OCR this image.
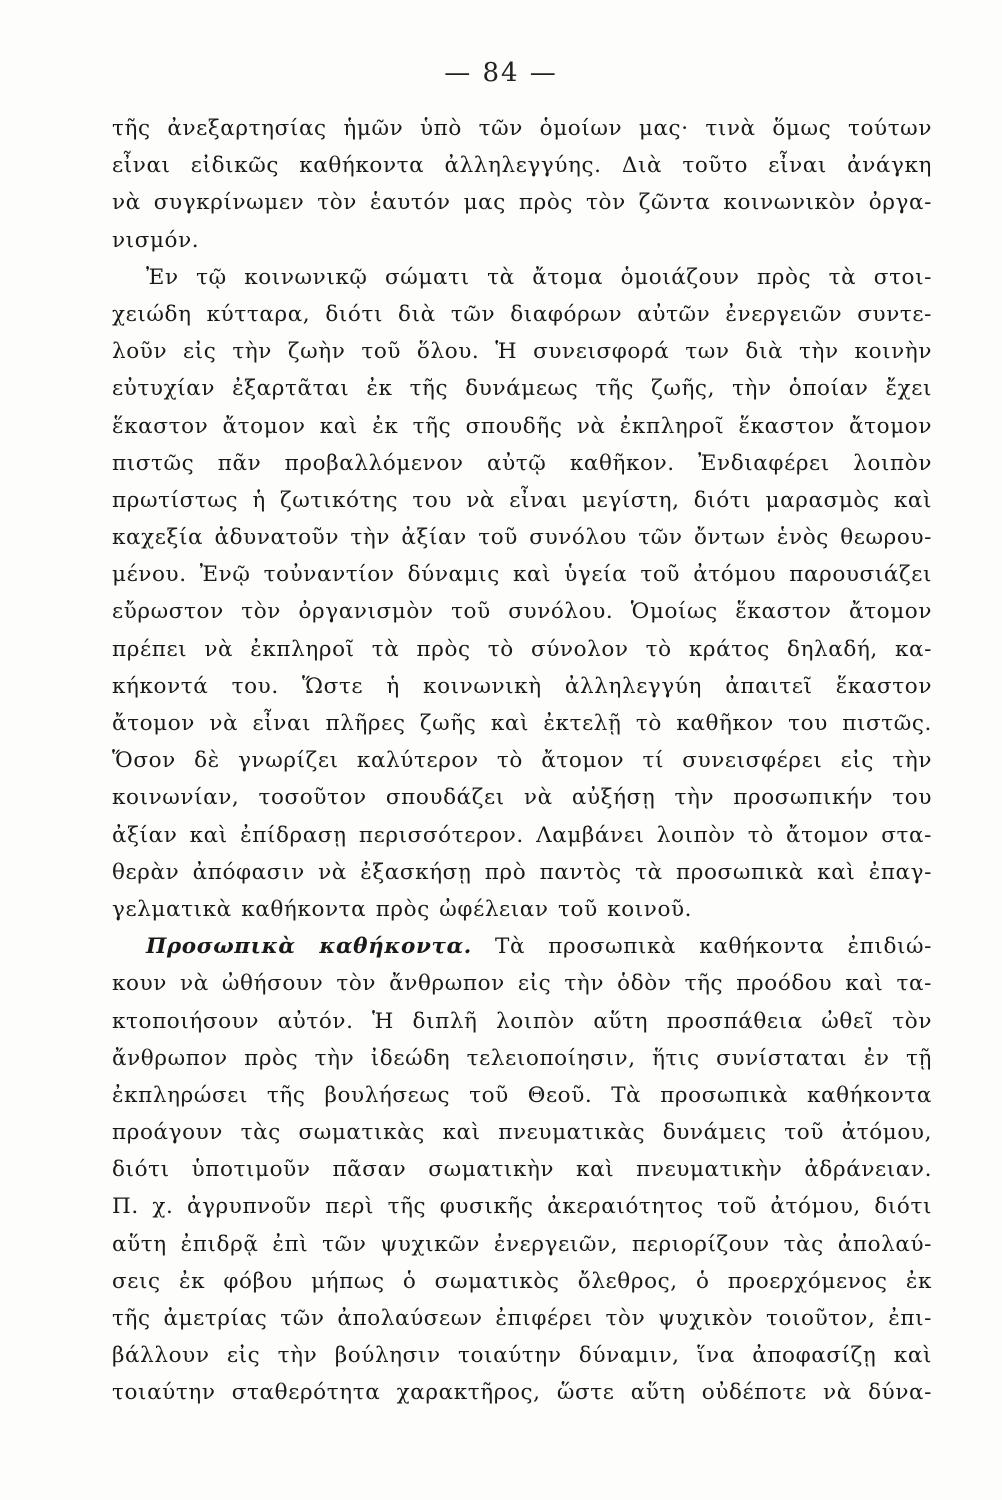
— 84 —
τῆς ἀνεξαρτησίας ἡμῶν ὑπὸ τῶν ὁμοίων μας· τινὰ ὅμως τούτων
εἶναι εἰδικῶς καθήκοντα ἀλληλεγγύης. Διὰ τοῦτο εἶναι ἀνάγκη
νὰ συγκρίνωμεν τὸν ἑαυτόν μας πρὸς τὸν ζῶντα κοινωνικὸν ὀργα-
νισμόν.
Ἐν τῷ κοινωνικῷ σώματι τὰ ἄτομα ὁμοιάζουν πρὸς τὰ στοι-
χειώδη κύτταρα, διότι διὰ τῶν διαφόρων αὐτῶν ἐνεργειῶν συντε-
λοῦν εἰς τὴν ζωὴν τοῦ ὅλου. Ἡ συνεισφορά των διὰ τὴν κοινὴν
εὐτυχίαν ἐξαρτᾶται ἐκ τῆς δυνάμεως τῆς ζωῆς, τὴν ὁποίαν ἔχει
ἕκαστον ἄτομον καὶ ἐκ τῆς σπουδῆς νὰ ἐκπληροῖ ἕκαστον ἄτομον
πιστῶς πᾶν προβαλλόμενον αὐτῷ καθῆκον. Ἐνδιαφέρει λοιπὸν
πρωτίστως ἡ ζωτικότης του νὰ εἶναι μεγίστη, διότι μαρασμὸς καὶ
καχεξία ἀδυνατοῦν τὴν ἀξίαν τοῦ συνόλου τῶν ὄντων ἑνὸς θεωρου-
μένου. Ἐνῷ τοὐναντίον δύναμις καὶ ὑγεία τοῦ ἀτόμου παρουσιάζει
εὔρωστον τὸν ὀργανισμὸν τοῦ συνόλου. Ὁμοίως ἕκαστον ἄτομον
πρέπει νὰ ἐκπληροῖ τὰ πρὸς τὸ σύνολον τὸ κράτος δηλαδή, κα-
κήκοντά του. Ὥστε ἡ κοινωνικὴ ἀλληλεγγύη ἀπαιτεῖ ἕκαστον
ἄτομον νὰ εἶναι πλῆρες ζωῆς καὶ ἐκτελῇ τὸ καθῆκον του πιστῶς.
Ὅσον δὲ γνωρίζει καλύτερον τὸ ἄτομον τί συνεισφέρει εἰς τὴν
κοινωνίαν, τοσοῦτον σπουδάζει νὰ αὐξήσῃ τὴν προσωπικήν του
ἀξίαν καὶ ἐπίδρασῃ περισσότερον. Λαμβάνει λοιπὸν τὸ ἄτομον στα-
θερὰν ἀπόφασιν νὰ ἐξασκήσῃ πρὸ παντὸς τὰ προσωπικὰ καὶ ἐπαγ-
γελματικὰ καθήκοντα πρὸς ὠφέλειαν τοῦ κοινοῦ.
Προσωπικὰ καθήκοντα. Τὰ προσωπικὰ καθήκοντα ἐπιδιώ-
κουν νὰ ὠθήσουν τὸν ἄνθρωπον εἰς τὴν ὁδὸν τῆς προόδου καὶ τα-
κτοποιήσουν αὐτόν. Ἡ διπλῆ λοιπὸν αὕτη προσπάθεια ὠθεῖ τὸν
ἄνθρωπον πρὸς τὴν ἰδεώδη τελειοποίησιν, ἥτις συνίσταται ἐν τῇ
ἐκπληρώσει τῆς βουλήσεως τοῦ Θεοῦ. Τὰ προσωπικὰ καθήκοντα
προάγουν τὰς σωματικὰς καὶ πνευματικὰς δυνάμεις τοῦ ἀτόμου,
διότι ὑποτιμοῦν πᾶσαν σωματικὴν καὶ πνευματικὴν ἀδράνειαν.
Π. χ. ἀγρυπνοῦν περὶ τῆς φυσικῆς ἀκεραιότητος τοῦ ἀτόμου, διότι
αὕτη ἐπιδρᾷ ἐπὶ τῶν ψυχικῶν ἐνεργειῶν, περιορίζουν τὰς ἀπολαύ-
σεις ἐκ φόβου μήπως ὁ σωματικὸς ὄλεθρος, ὁ προερχόμενος ἐκ
τῆς ἀμετρίας τῶν ἀπολαύσεων ἐπιφέρει τὸν ψυχικὸν τοιοῦτον, ἐπι-
βάλλουν εἰς τὴν βούλησιν τοιαύτην δύναμιν, ἵνα ἀποφασίζῃ καὶ
τοιαύτην σταθερότητα χαρακτῆρος, ὥστε αὕτη οὐδέποτε νὰ δύνα-
